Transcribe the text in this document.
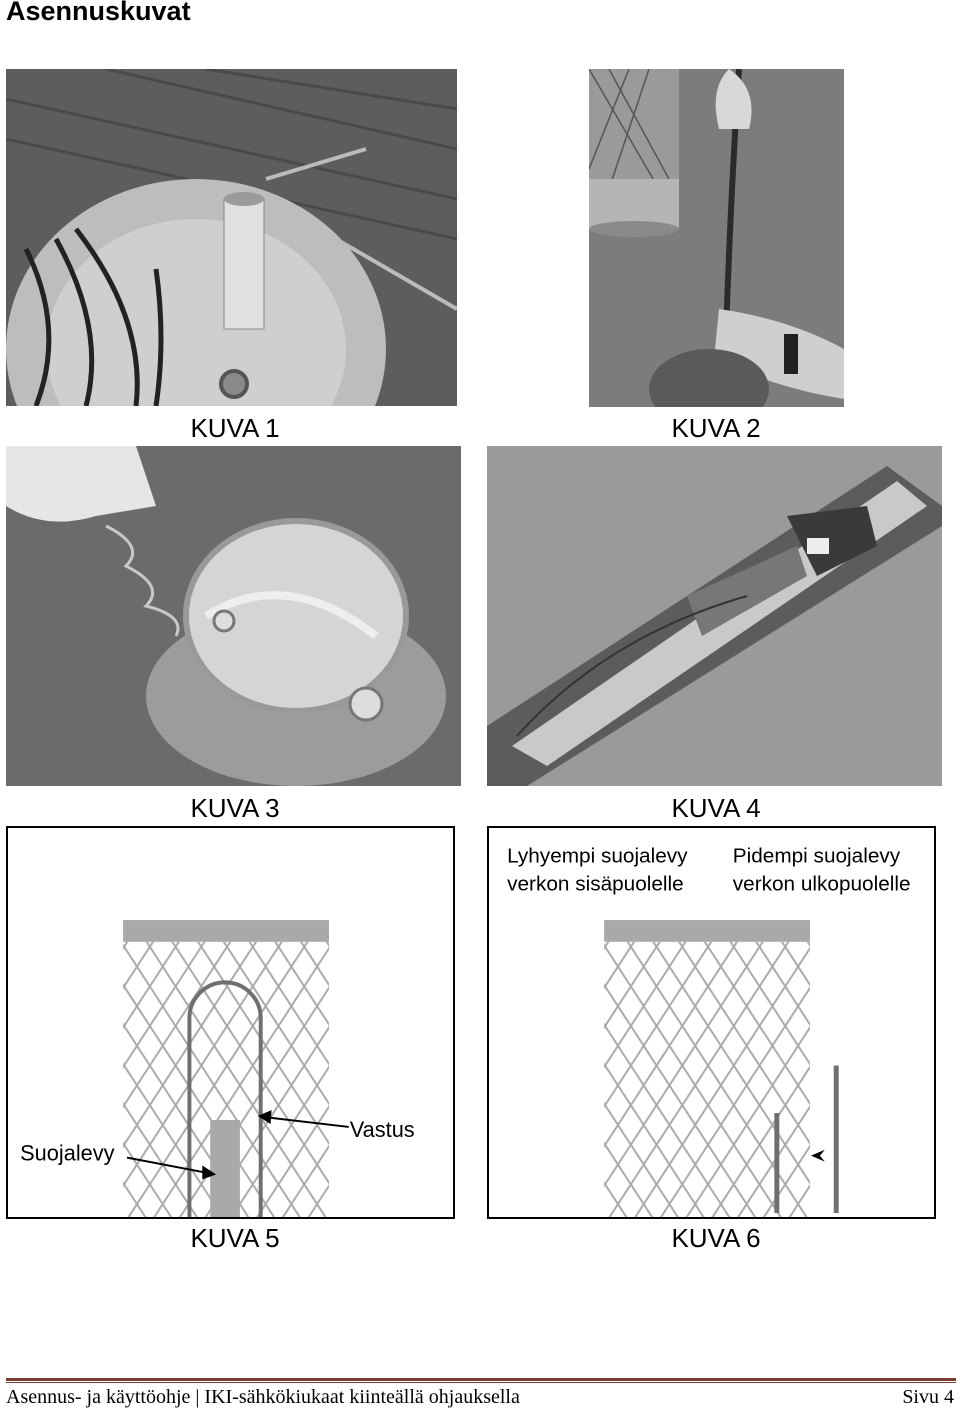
Asennuskuvat
KUVA 1	KUVA 2
KUVA 3	KUVA 4
Suojalevy
Vastus
Lyhyempi suojalevy
verkon sisäpuolelle
Pidempi suojalevy
verkon ulkopuolelle
KUVA 5	KUVA 6
Asennus- ja käyttöohje | IKI-sähkökiukaat kiinteällä ohjauksella	Sivu 4
